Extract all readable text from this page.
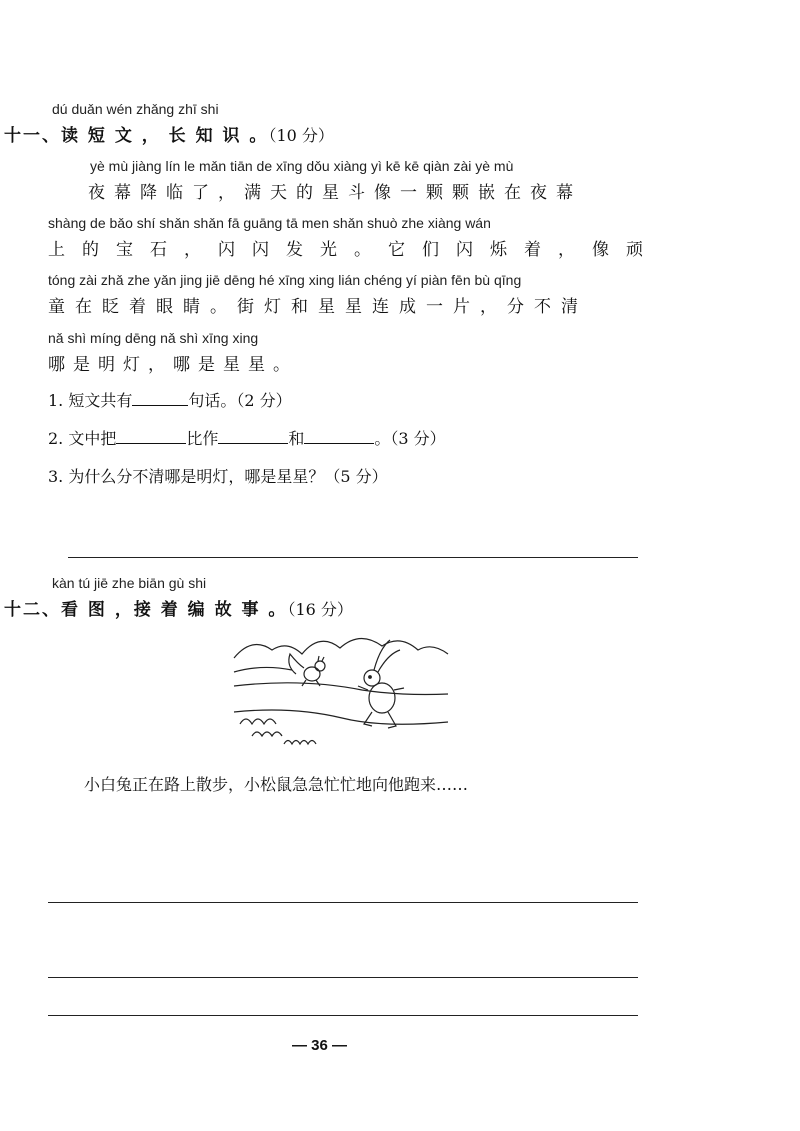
dú duǎn wén zhǎng zhī shi
十一、读 短 文 ， 长 知 识 。（10 分）
yè mù jiàng lín le mǎn tiān de xīng dǒu xiàng yì kē kē qiàn zài yè mù
夜幕降临了，满天的星斗像一颗颗嵌在夜幕
shàng de bǎo shí shǎn shǎn fā guāng tā men shǎn shuò zhe xiàng wán
上的宝石，闪闪发光。它们闪烁着，像顽
tóng zài zhǎ zhe yǎn jing jiē dēng hé xīng xing lián chéng yí piàn fēn bù qīng
童在眨着眼睛。街灯和星星连成一片，分不清
nǎ shì míng dēng nǎ shì xīng xing
哪是明灯，哪是星星。
1. 短文共有	句话。（2 分）
2. 文中把	比作	和	。（3 分）
3. 为什么分不清哪是明灯，哪是星星？（5 分）
kàn tú jiē zhe biān gù shi
十二、看 图 ，接 着 编 故 事 。（16 分）
小白兔正在路上散步，小松鼠急急忙忙地向他跑来……
— 36 —
